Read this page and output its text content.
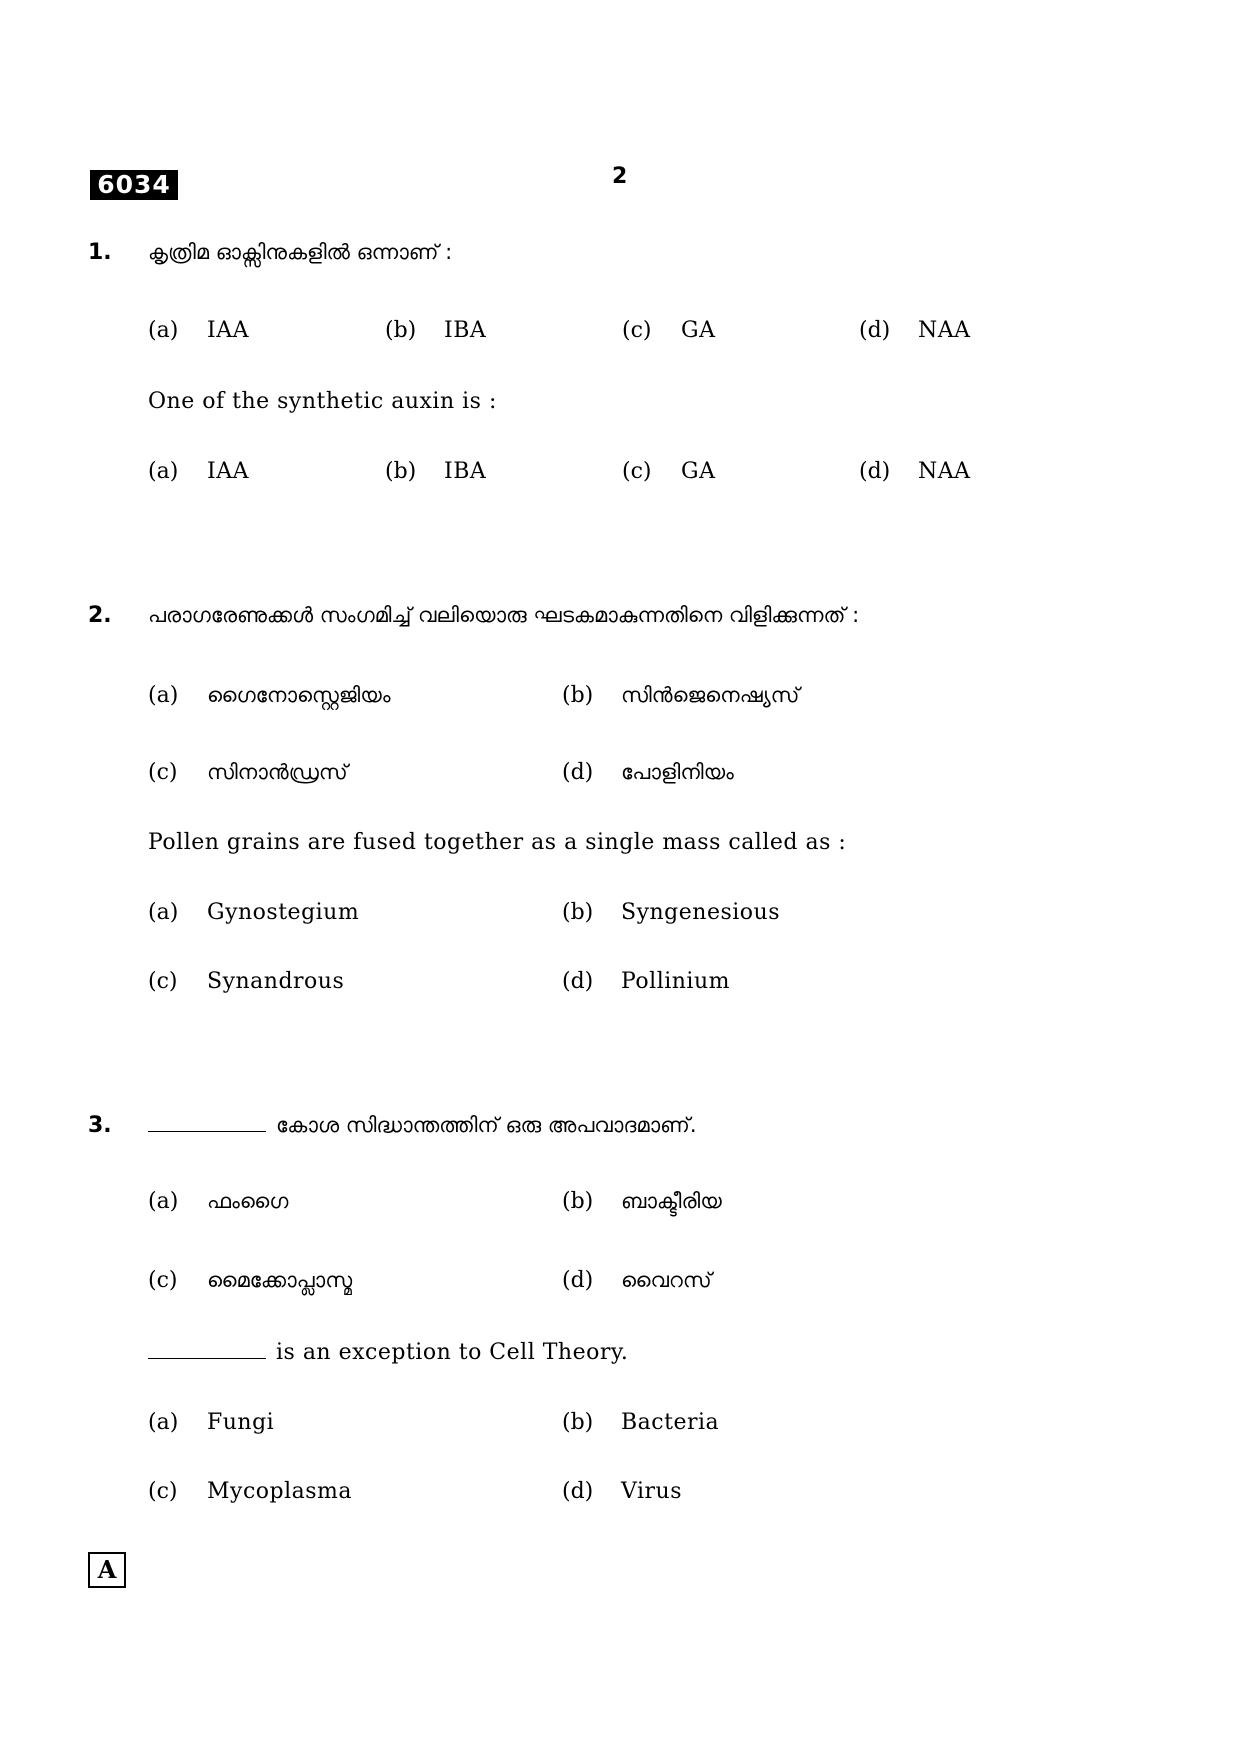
6034	2
1. കൃത്രിമ ഓക്സിനുകളിൽ ഒന്നാണ് :
(a) IAA	(b) IBA	(c) GA	(d) NAA
One of the synthetic auxin is :
(a) IAA	(b) IBA	(c) GA	(d) NAA
2. പരാഗരേണുക്കൾ സംഗമിച്ച് വലിയൊരു ഘടകമാകുന്നതിനെ വിളിക്കുന്നത് :
(a) ഗൈനോസ്റ്റെജിയം	(b) സിൻജെനെഷ്യസ്
(c) സിനാൻഡ്രസ്	(d) പോളിനിയം
Pollen grains are fused together as a single mass called as :
(a) Gynostegium	(b) Syngenesious
(c) Synandrous	(d) Pollinium
3.	കോശ സിദ്ധാന്തത്തിന് ഒരു അപവാദമാണ്.
(a) ഫംഗൈ	(b) ബാക്ടീരിയ
(c) മൈക്കോപ്ലാസ്മ	(d) വൈറസ്
is an exception to Cell Theory.
(a) Fungi	(b) Bacteria
(c) Mycoplasma	(d) Virus
A
